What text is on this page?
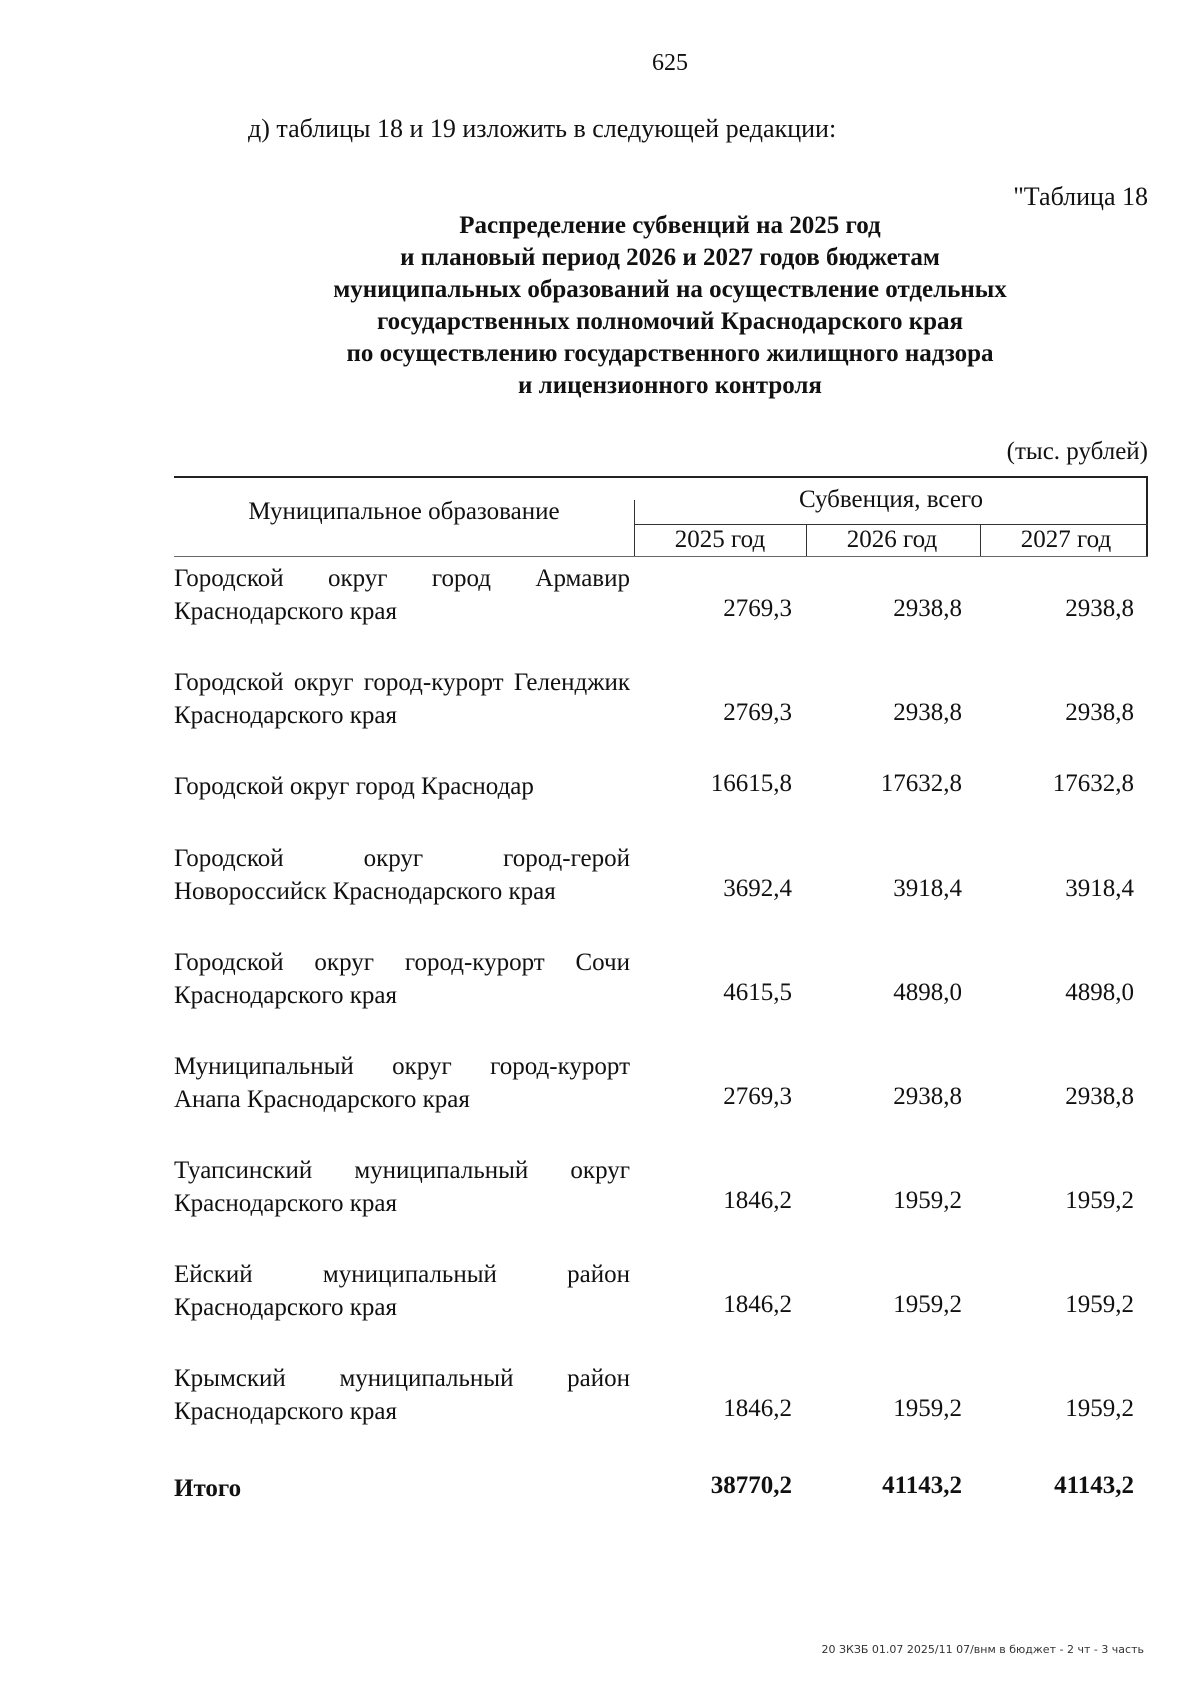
625
д) таблицы 18 и 19 изложить в следующей редакции:
"Таблица 18
Распределение субвенций на 2025 год
и плановый период 2026 и 2027 годов бюджетам
муниципальных образований на осуществление отдельных
государственных полномочий Краснодарского края
по осуществлению государственного жилищного надзора
и лицензионного контроля
(тыс. рублей)
Муниципальное образование	Субвенция, всего
2025 год	2026 год	2027 год
Городской округ город Армавир Краснодарского края	2769,3	2938,8	2938,8
Городской округ город-курорт Геленджик Краснодарского края	2769,3	2938,8	2938,8
Городской округ город Краснодар	16615,8	17632,8	17632,8
Городской округ город-герой Новороссийск Краснодарского края	3692,4	3918,4	3918,4
Городской округ город-курорт Сочи Краснодарского края	4615,5	4898,0	4898,0
Муниципальный округ город-курорт Анапа Краснодарского края	2769,3	2938,8	2938,8
Туапсинский муниципальный округ Краснодарского края	1846,2	1959,2	1959,2
Ейский муниципальный район Краснодарского края	1846,2	1959,2	1959,2
Крымский муниципальный район Краснодарского края	1846,2	1959,2	1959,2
Итого	38770,2	41143,2	41143,2
20 ЗКЗБ 01.07 2025/11 07/внм в бюджет - 2 чт - 3 часть
